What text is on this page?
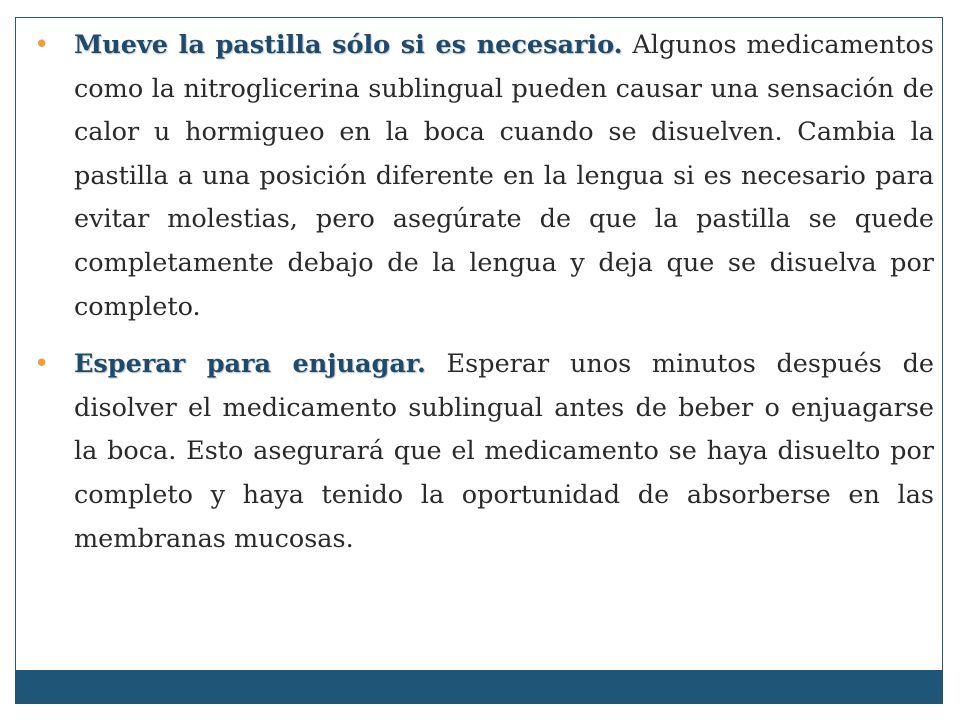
• Mueve la pastilla sólo si es necesario. Algunos medicamentos como la nitroglicerina sublingual pueden causar una sensación de calor u hormigueo en la boca cuando se disuelven. Cambia la pastilla a una posición diferente en la lengua si es necesario para evitar molestias, pero asegúrate de que la pastilla se quede completamente debajo de la lengua y deja que se disuelva por completo.

• Esperar para enjuagar. Esperar unos minutos después de disolver el medicamento sublingual antes de beber o enjuagarse la boca. Esto asegurará que el medicamento se haya disuelto por completo y haya tenido la oportunidad de absorberse en las membranas mucosas.
